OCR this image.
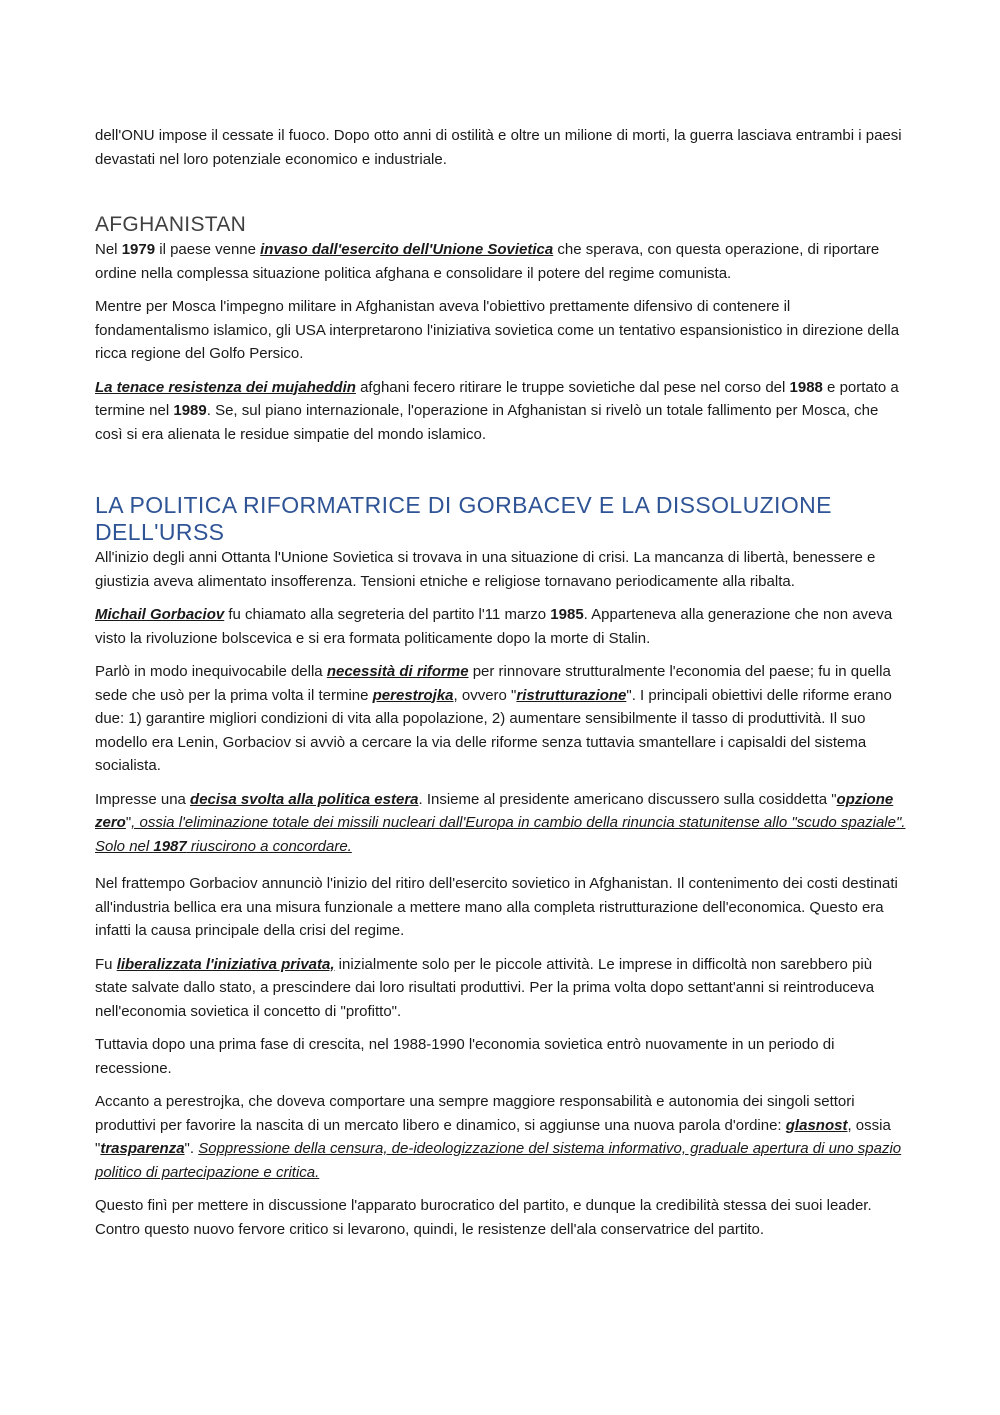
dell'ONU impose il cessate il fuoco. Dopo otto anni di ostilità e oltre un milione di morti, la guerra lasciava entrambi i paesi devastati nel loro potenziale economico e industriale.

AFGHANISTAN

Nel 1979 il paese venne invaso dall'esercito dell'Unione Sovietica che sperava, con questa operazione, di riportare ordine nella complessa situazione politica afghana e consolidare il potere del regime comunista.

Mentre per Mosca l'impegno militare in Afghanistan aveva l'obiettivo prettamente difensivo di contenere il fondamentalismo islamico, gli USA interpretarono l'iniziativa sovietica come un tentativo espansionistico in direzione della ricca regione del Golfo Persico.

La tenace resistenza dei mujaheddin afghani fecero ritirare le truppe sovietiche dal pese nel corso del 1988 e portato a termine nel 1989. Se, sul piano internazionale, l'operazione in Afghanistan si rivelò un totale fallimento per Mosca, che così si era alienata le residue simpatie del mondo islamico.

LA POLITICA RIFORMATRICE DI GORBACEV E LA DISSOLUZIONE DELL'URSS

All'inizio degli anni Ottanta l'Unione Sovietica si trovava in una situazione di crisi. La mancanza di libertà, benessere e giustizia aveva alimentato insofferenza. Tensioni etniche e religiose tornavano periodicamente alla ribalta.

Michail Gorbaciov fu chiamato alla segreteria del partito l'11 marzo 1985. Apparteneva alla generazione che non aveva visto la rivoluzione bolscevica e si era formata politicamente dopo la morte di Stalin.

Parlò in modo inequivocabile della necessità di riforme per rinnovare strutturalmente l'economia del paese; fu in quella sede che usò per la prima volta il termine perestrojka, ovvero "ristrutturazione". I principali obiettivi delle riforme erano due: 1) garantire migliori condizioni di vita alla popolazione, 2) aumentare sensibilmente il tasso di produttività. Il suo modello era Lenin, Gorbaciov si avviò a cercare la via delle riforme senza tuttavia smantellare i capisaldi del sistema socialista.

Impresse una decisa svolta alla politica estera. Insieme al presidente americano discussero sulla cosiddetta "opzione zero", ossia l'eliminazione totale dei missili nucleari dall'Europa in cambio della rinuncia statunitense allo "scudo spaziale". Solo nel 1987 riuscirono a concordare.

Nel frattempo Gorbaciov annunciò l'inizio del ritiro dell'esercito sovietico in Afghanistan. Il contenimento dei costi destinati all'industria bellica era una misura funzionale a mettere mano alla completa ristrutturazione dell'economica. Questo era infatti la causa principale della crisi del regime.

Fu liberalizzata l'iniziativa privata, inizialmente solo per le piccole attività. Le imprese in difficoltà non sarebbero più state salvate dallo stato, a prescindere dai loro risultati produttivi. Per la prima volta dopo settant'anni si reintroduceva nell'economia sovietica il concetto di "profitto".

Tuttavia dopo una prima fase di crescita, nel 1988-1990 l'economia sovietica entrò nuovamente in un periodo di recessione.

Accanto a perestrojka, che doveva comportare una sempre maggiore responsabilità e autonomia dei singoli settori produttivi per favorire la nascita di un mercato libero e dinamico, si aggiunse una nuova parola d'ordine: glasnost, ossia "trasparenza". Soppressione della censura, de-ideologizzazione del sistema informativo, graduale apertura di uno spazio politico di partecipazione e critica.

Questo finì per mettere in discussione l'apparato burocratico del partito, e dunque la credibilità stessa dei suoi leader. Contro questo nuovo fervore critico si levarono, quindi, le resistenze dell'ala conservatrice del partito.
